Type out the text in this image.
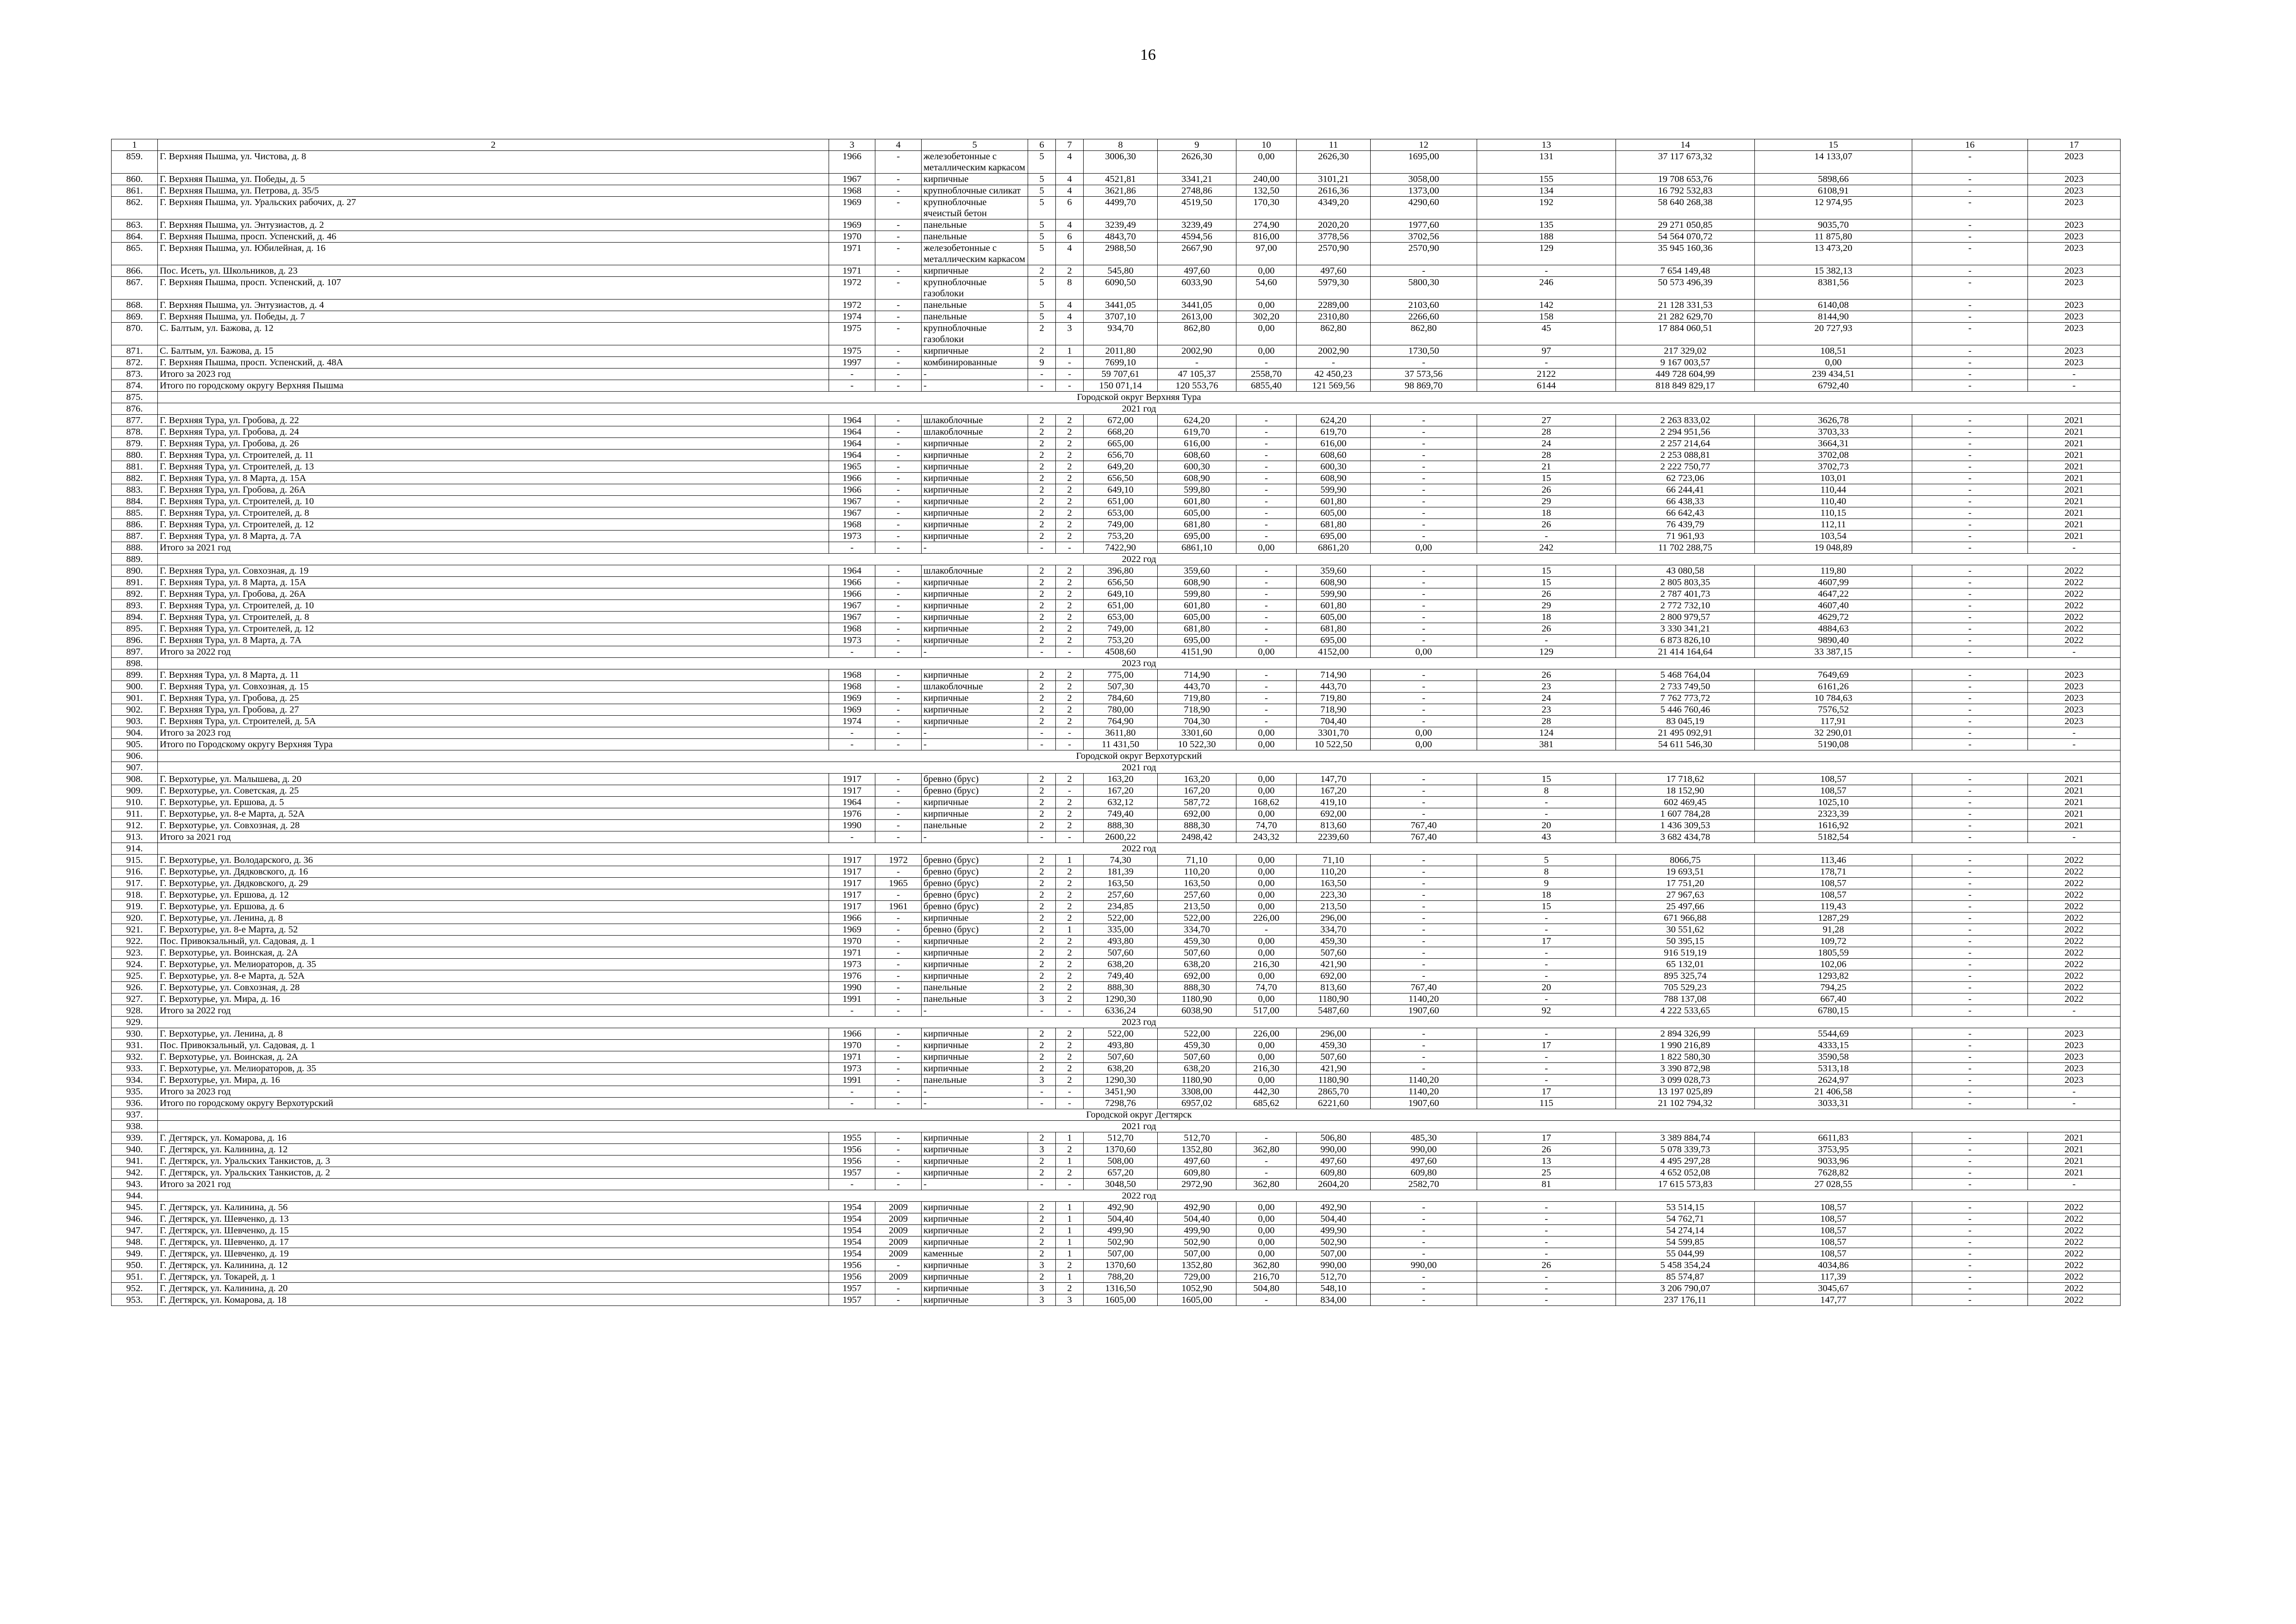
16
1	2	3	4	5	6	7	8	9	10	11	12	13	14	15	16	17
859.	Г. Верхняя Пышма, ул. Чистова, д. 8	1966	-	железобетонные с металлическим каркасом	5	4	3006,30	2626,30	0,00	2626,30	1695,00	131	37 117 673,32	14 133,07	-	2023
860.	Г. Верхняя Пышма, ул. Победы, д. 5	1967	-	кирпичные	5	4	4521,81	3341,21	240,00	3101,21	3058,00	155	19 708 653,76	5898,66	-	2023
861.	Г. Верхняя Пышма, ул. Петрова, д. 35/5	1968	-	крупноблочные силикат	5	4	3621,86	2748,86	132,50	2616,36	1373,00	134	16 792 532,83	6108,91	-	2023
862.	Г. Верхняя Пышма, ул. Уральских рабочих, д. 27	1969	-	крупноблочные ячеистый бетон	5	6	4499,70	4519,50	170,30	4349,20	4290,60	192	58 640 268,38	12 974,95	-	2023
863.	Г. Верхняя Пышма, ул. Энтузиастов, д. 2	1969	-	панельные	5	4	3239,49	3239,49	274,90	2020,20	1977,60	135	29 271 050,85	9035,70	-	2023
864.	Г. Верхняя Пышма, просп. Успенский, д. 46	1970	-	панельные	5	6	4843,70	4594,56	816,00	3778,56	3702,56	188	54 564 070,72	11 875,80	-	2023
865.	Г. Верхняя Пышма, ул. Юбилейная, д. 16	1971	-	железобетонные с металлическим каркасом	5	4	2988,50	2667,90	97,00	2570,90	2570,90	129	35 945 160,36	13 473,20	-	2023
866.	Пос. Исеть, ул. Школьников, д. 23	1971	-	кирпичные	2	2	545,80	497,60	0,00	497,60	-	-	7 654 149,48	15 382,13	-	2023
867.	Г. Верхняя Пышма, просп. Успенский, д. 107	1972	-	крупноблочные газоблоки	5	8	6090,50	6033,90	54,60	5979,30	5800,30	246	50 573 496,39	8381,56	-	2023
868.	Г. Верхняя Пышма, ул. Энтузиастов, д. 4	1972	-	панельные	5	4	3441,05	3441,05	0,00	2289,00	2103,60	142	21 128 331,53	6140,08	-	2023
869.	Г. Верхняя Пышма, ул. Победы, д. 7	1974	-	панельные	5	4	3707,10	2613,00	302,20	2310,80	2266,60	158	21 282 629,70	8144,90	-	2023
870.	С. Балтым, ул. Бажова, д. 12	1975	-	крупноблочные газоблоки	2	3	934,70	862,80	0,00	862,80	862,80	45	17 884 060,51	20 727,93	-	2023
871.	С. Балтым, ул. Бажова, д. 15	1975	-	кирпичные	2	1	2011,80	2002,90	0,00	2002,90	1730,50	97	217 329,02	108,51	-	2023
872.	Г. Верхняя Пышма, просп. Успенский, д. 48А	1997	-	комбинированные	9	-	7699,10	-	-	-	-	-	9 167 003,57	0,00	-	2023
873.	Итого за 2023 год	-	-	-	-	-	59 707,61	47 105,37	2558,70	42 450,23	37 573,56	2122	449 728 604,99	239 434,51	-	-
874.	Итого по городскому округу Верхняя Пышма	-	-	-	-	-	150 071,14	120 553,76	6855,40	121 569,56	98 869,70	6144	818 849 829,17	6792,40	-	-
875.	Городской округ Верхняя Тура															
876.	2021 год															
877.	Г. Верхняя Тура, ул. Гробова, д. 22	1964	-	шлакоблочные	2	2	672,00	624,20	-	624,20	-	27	2 263 833,02	3626,78	-	2021
878.	Г. Верхняя Тура, ул. Гробова, д. 24	1964	-	шлакоблочные	2	2	668,20	619,70	-	619,70	-	28	2 294 951,56	3703,33	-	2021
879.	Г. Верхняя Тура, ул. Гробова, д. 26	1964	-	кирпичные	2	2	665,00	616,00	-	616,00	-	24	2 257 214,64	3664,31	-	2021
880.	Г. Верхняя Тура, ул. Строителей, д. 11	1964	-	кирпичные	2	2	656,70	608,60	-	608,60	-	28	2 253 088,81	3702,08	-	2021
881.	Г. Верхняя Тура, ул. Строителей, д. 13	1965	-	кирпичные	2	2	649,20	600,30	-	600,30	-	21	2 222 750,77	3702,73	-	2021
882.	Г. Верхняя Тура, ул. 8 Марта, д. 15А	1966	-	кирпичные	2	2	656,50	608,90	-	608,90	-	15	62 723,06	103,01	-	2021
883.	Г. Верхняя Тура, ул. Гробова, д. 26А	1966	-	кирпичные	2	2	649,10	599,80	-	599,90	-	26	66 244,41	110,44	-	2021
884.	Г. Верхняя Тура, ул. Строителей, д. 10	1967	-	кирпичные	2	2	651,00	601,80	-	601,80	-	29	66 438,33	110,40	-	2021
885.	Г. Верхняя Тура, ул. Строителей, д. 8	1967	-	кирпичные	2	2	653,00	605,00	-	605,00	-	18	66 642,43	110,15	-	2021
886.	Г. Верхняя Тура, ул. Строителей, д. 12	1968	-	кирпичные	2	2	749,00	681,80	-	681,80	-	26	76 439,79	112,11	-	2021
887.	Г. Верхняя Тура, ул. 8 Марта, д. 7А	1973	-	кирпичные	2	2	753,20	695,00	-	695,00	-	-	71 961,93	103,54	-	2021
888.	Итого за 2021 год	-	-	-	-	-	7422,90	6861,10	0,00	6861,20	0,00	242	11 702 288,75	19 048,89	-	-
889.	2022 год															
890.	Г. Верхняя Тура, ул. Совхозная, д. 19	1964	-	шлакоблочные	2	2	396,80	359,60	-	359,60	-	15	43 080,58	119,80	-	2022
891.	Г. Верхняя Тура, ул. 8 Марта, д. 15А	1966	-	кирпичные	2	2	656,50	608,90	-	608,90	-	15	2 805 803,35	4607,99	-	2022
892.	Г. Верхняя Тура, ул. Гробова, д. 26А	1966	-	кирпичные	2	2	649,10	599,80	-	599,90	-	26	2 787 401,73	4647,22	-	2022
893.	Г. Верхняя Тура, ул. Строителей, д. 10	1967	-	кирпичные	2	2	651,00	601,80	-	601,80	-	29	2 772 732,10	4607,40	-	2022
894.	Г. Верхняя Тура, ул. Строителей, д. 8	1967	-	кирпичные	2	2	653,00	605,00	-	605,00	-	18	2 800 979,57	4629,72	-	2022
895.	Г. Верхняя Тура, ул. Строителей, д. 12	1968	-	кирпичные	2	2	749,00	681,80	-	681,80	-	26	3 330 341,21	4884,63	-	2022
896.	Г. Верхняя Тура, ул. 8 Марта, д. 7А	1973	-	кирпичные	2	2	753,20	695,00	-	695,00	-	-	6 873 826,10	9890,40	-	2022
897.	Итого за 2022 год	-	-	-	-	-	4508,60	4151,90	0,00	4152,00	0,00	129	21 414 164,64	33 387,15	-	-
898.	2023 год															
899.	Г. Верхняя Тура, ул. 8 Марта, д. 11	1968	-	кирпичные	2	2	775,00	714,90	-	714,90	-	26	5 468 764,04	7649,69	-	2023
900.	Г. Верхняя Тура, ул. Совхозная, д. 15	1968	-	шлакоблочные	2	2	507,30	443,70	-	443,70	-	23	2 733 749,50	6161,26	-	2023
901.	Г. Верхняя Тура, ул. Гробова, д. 25	1969	-	кирпичные	2	2	784,60	719,80	-	719,80	-	24	7 762 773,72	10 784,63	-	2023
902.	Г. Верхняя Тура, ул. Гробова, д. 27	1969	-	кирпичные	2	2	780,00	718,90	-	718,90	-	23	5 446 760,46	7576,52	-	2023
903.	Г. Верхняя Тура, ул. Строителей, д. 5А	1974	-	кирпичные	2	2	764,90	704,30	-	704,40	-	28	83 045,19	117,91	-	2023
904.	Итого за 2023 год	-	-	-	-	-	3611,80	3301,60	0,00	3301,70	0,00	124	21 495 092,91	32 290,01	-	-
905.	Итого по Городскому округу Верхняя Тура	-	-	-	-	-	11 431,50	10 522,30	0,00	10 522,50	0,00	381	54 611 546,30	5190,08	-	-
906.	Городской округ Верхотурский															
907.	2021 год															
908.	Г. Верхотурье, ул. Малышева, д. 20	1917	-	бревно (брус)	2	2	163,20	163,20	0,00	147,70	-	15	17 718,62	108,57	-	2021
909.	Г. Верхотурье, ул. Советская, д. 25	1917	-	бревно (брус)	2	-	167,20	167,20	0,00	167,20	-	8	18 152,90	108,57	-	2021
910.	Г. Верхотурье, ул. Ершова, д. 5	1964	-	кирпичные	2	2	632,12	587,72	168,62	419,10	-	-	602 469,45	1025,10	-	2021
911.	Г. Верхотурье, ул. 8-е Марта, д. 52А	1976	-	кирпичные	2	2	749,40	692,00	0,00	692,00	-	-	1 607 784,28	2323,39	-	2021
912.	Г. Верхотурье, ул. Совхозная, д. 28	1990	-	панельные	2	2	888,30	888,30	74,70	813,60	767,40	20	1 436 309,53	1616,92	-	2021
913.	Итого за 2021 год	-	-	-	-	-	2600,22	2498,42	243,32	2239,60	767,40	43	3 682 434,78	5182,54	-	-
914.	2022 год															
915.	Г. Верхотурье, ул. Володарского, д. 36	1917	1972	бревно (брус)	2	1	74,30	71,10	0,00	71,10	-	5	8066,75	113,46	-	2022
916.	Г. Верхотурье, ул. Дядковского, д. 16	1917	-	бревно (брус)	2	2	181,39	110,20	0,00	110,20	-	8	19 693,51	178,71	-	2022
917.	Г. Верхотурье, ул. Дядковского, д. 29	1917	1965	бревно (брус)	2	2	163,50	163,50	0,00	163,50	-	9	17 751,20	108,57	-	2022
918.	Г. Верхотурье, ул. Ершова, д. 12	1917	-	бревно (брус)	2	2	257,60	257,60	0,00	223,30	-	18	27 967,63	108,57	-	2022
919.	Г. Верхотурье, ул. Ершова, д. 6	1917	1961	бревно (брус)	2	2	234,85	213,50	0,00	213,50	-	15	25 497,66	119,43	-	2022
920.	Г. Верхотурье, ул. Ленина, д. 8	1966	-	кирпичные	2	2	522,00	522,00	226,00	296,00	-	-	671 966,88	1287,29	-	2022
921.	Г. Верхотурье, ул. 8-е Марта, д. 52	1969	-	бревно (брус)	2	1	335,00	334,70	-	334,70	-	-	30 551,62	91,28	-	2022
922.	Пос. Привокзальный, ул. Садовая, д. 1	1970	-	кирпичные	2	2	493,80	459,30	0,00	459,30	-	17	50 395,15	109,72	-	2022
923.	Г. Верхотурье, ул. Воинская, д. 2А	1971	-	кирпичные	2	2	507,60	507,60	0,00	507,60	-	-	916 519,19	1805,59	-	2022
924.	Г. Верхотурье, ул. Мелиораторов, д. 35	1973	-	кирпичные	2	2	638,20	638,20	216,30	421,90	-	-	65 132,01	102,06	-	2022
925.	Г. Верхотурье, ул. 8-е Марта, д. 52А	1976	-	кирпичные	2	2	749,40	692,00	0,00	692,00	-	-	895 325,74	1293,82	-	2022
926.	Г. Верхотурье, ул. Совхозная, д. 28	1990	-	панельные	2	2	888,30	888,30	74,70	813,60	767,40	20	705 529,23	794,25	-	2022
927.	Г. Верхотурье, ул. Мира, д. 16	1991	-	панельные	3	2	1290,30	1180,90	0,00	1180,90	1140,20	-	788 137,08	667,40	-	2022
928.	Итого за 2022 год	-	-	-	-	-	6336,24	6038,90	517,00	5487,60	1907,60	92	4 222 533,65	6780,15	-	-
929.	2023 год															
930.	Г. Верхотурье, ул. Ленина, д. 8	1966	-	кирпичные	2	2	522,00	522,00	226,00	296,00	-	-	2 894 326,99	5544,69	-	2023
931.	Пос. Привокзальный, ул. Садовая, д. 1	1970	-	кирпичные	2	2	493,80	459,30	0,00	459,30	-	17	1 990 216,89	4333,15	-	2023
932.	Г. Верхотурье, ул. Воинская, д. 2А	1971	-	кирпичные	2	2	507,60	507,60	0,00	507,60	-	-	1 822 580,30	3590,58	-	2023
933.	Г. Верхотурье, ул. Мелиораторов, д. 35	1973	-	кирпичные	2	2	638,20	638,20	216,30	421,90	-	-	3 390 872,98	5313,18	-	2023
934.	Г. Верхотурье, ул. Мира, д. 16	1991	-	панельные	3	2	1290,30	1180,90	0,00	1180,90	1140,20	-	3 099 028,73	2624,97	-	2023
935.	Итого за 2023 год	-	-	-	-	-	3451,90	3308,00	442,30	2865,70	1140,20	17	13 197 025,89	21 406,58	-	-
936.	Итого по городскому округу Верхотурский	-	-	-	-	-	7298,76	6957,02	685,62	6221,60	1907,60	115	21 102 794,32	3033,31	-	-
937.	Городской округ Дегтярск															
938.	2021 год															
939.	Г. Дегтярск, ул. Комарова, д. 16	1955	-	кирпичные	2	1	512,70	512,70	-	506,80	485,30	17	3 389 884,74	6611,83	-	2021
940.	Г. Дегтярск, ул. Калинина, д. 12	1956	-	кирпичные	3	2	1370,60	1352,80	362,80	990,00	990,00	26	5 078 339,73	3753,95	-	2021
941.	Г. Дегтярск, ул. Уральских Танкистов, д. 3	1956	-	кирпичные	2	1	508,00	497,60	-	497,60	497,60	13	4 495 297,28	9033,96	-	2021
942.	Г. Дегтярск, ул. Уральских Танкистов, д. 2	1957	-	кирпичные	2	2	657,20	609,80	-	609,80	609,80	25	4 652 052,08	7628,82	-	2021
943.	Итого за 2021 год	-	-	-	-	-	3048,50	2972,90	362,80	2604,20	2582,70	81	17 615 573,83	27 028,55	-	-
944.	2022 год															
945.	Г. Дегтярск, ул. Калинина, д. 56	1954	2009	кирпичные	2	1	492,90	492,90	0,00	492,90	-	-	53 514,15	108,57	-	2022
946.	Г. Дегтярск, ул. Шевченко, д. 13	1954	2009	кирпичные	2	1	504,40	504,40	0,00	504,40	-	-	54 762,71	108,57	-	2022
947.	Г. Дегтярск, ул. Шевченко, д. 15	1954	2009	кирпичные	2	1	499,90	499,90	0,00	499,90	-	-	54 274,14	108,57	-	2022
948.	Г. Дегтярск, ул. Шевченко, д. 17	1954	2009	кирпичные	2	1	502,90	502,90	0,00	502,90	-	-	54 599,85	108,57	-	2022
949.	Г. Дегтярск, ул. Шевченко, д. 19	1954	2009	каменные	2	1	507,00	507,00	0,00	507,00	-	-	55 044,99	108,57	-	2022
950.	Г. Дегтярск, ул. Калинина, д. 12	1956	-	кирпичные	3	2	1370,60	1352,80	362,80	990,00	990,00	26	5 458 354,24	4034,86	-	2022
951.	Г. Дегтярск, ул. Токарей, д. 1	1956	2009	кирпичные	2	1	788,20	729,00	216,70	512,70	-	-	85 574,87	117,39	-	2022
952.	Г. Дегтярск, ул. Калинина, д. 20	1957	-	кирпичные	3	2	1316,50	1052,90	504,80	548,10	-	-	3 206 790,07	3045,67	-	2022
953.	Г. Дегтярск, ул. Комарова, д. 18	1957	-	кирпичные	3	3	1605,00	1605,00	-	834,00	-	-	237 176,11	147,77	-	2022
